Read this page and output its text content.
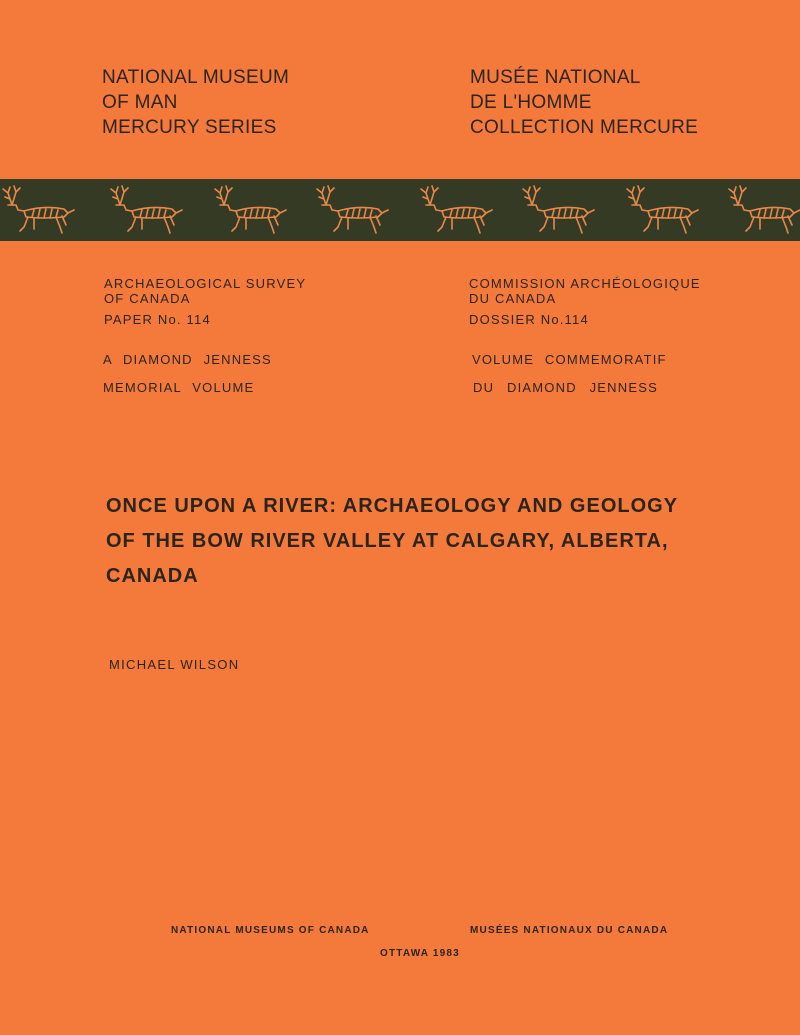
NATIONAL MUSEUM
OF MAN
MERCURY SERIES
MUSÉE NATIONAL
DE L'HOMME
COLLECTION MERCURE
ARCHAEOLOGICAL SURVEY
OF CANADA
PAPER No. 114
A DIAMOND JENNESS
MEMORIAL VOLUME
COMMISSION ARCHÉOLOGIQUE
DU CANADA
DOSSIER No.114
VOLUME COMMEMORATIF
DU DIAMOND JENNESS
ONCE UPON A RIVER: ARCHAEOLOGY AND GEOLOGY
OF THE BOW RIVER VALLEY AT CALGARY, ALBERTA,
CANADA
MICHAEL WILSON
NATIONAL MUSEUMS OF CANADA	MUSÉES NATIONAUX DU CANADA
OTTAWA 1983
